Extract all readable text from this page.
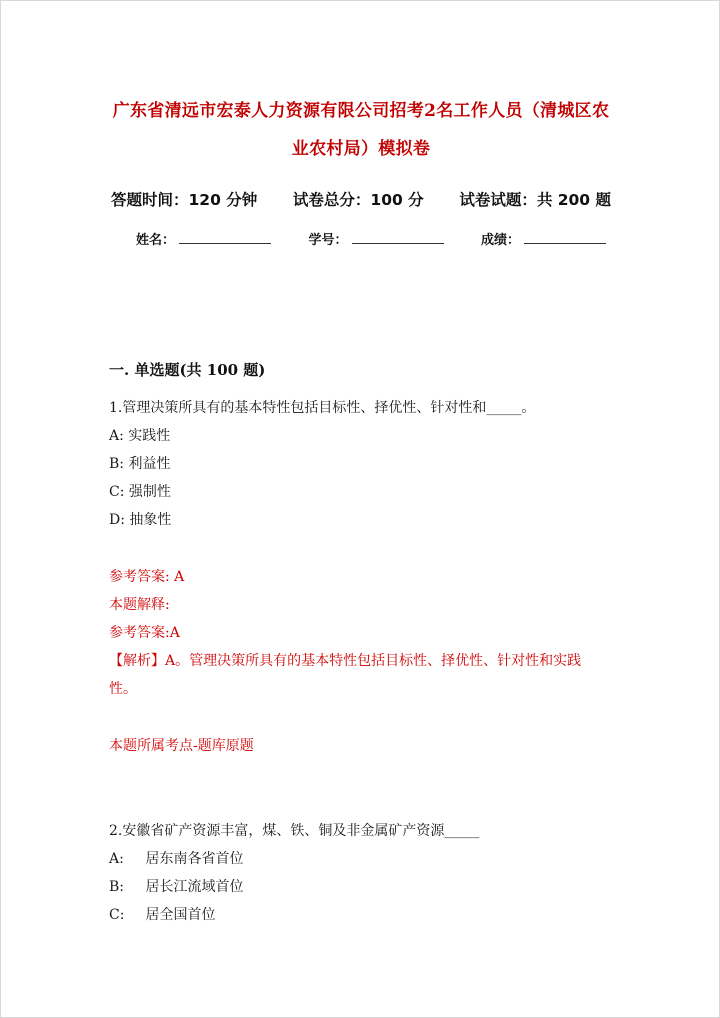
广东省清远市宏泰人力资源有限公司招考2名工作人员（清城区农
业农村局）模拟卷
答题时间：120 分钟 试卷总分：100 分 试卷试题：共 200 题
姓名：	学号：	成绩：
一. 单选题(共 100 题)
1.管理决策所具有的基本特性包括目标性、择优性、针对性和_____。
A: 实践性
B: 利益性
C: 强制性
D: 抽象性
参考答案: A
本题解释:
参考答案:A
【解析】A。管理决策所具有的基本特性包括目标性、择优性、针对性和实践
性。
本题所属考点-题库原题
2.安徽省矿产资源丰富，煤、铁、铜及非金属矿产资源_____
A: 居东南各省首位
B: 居长江流域首位
C: 居全国首位
